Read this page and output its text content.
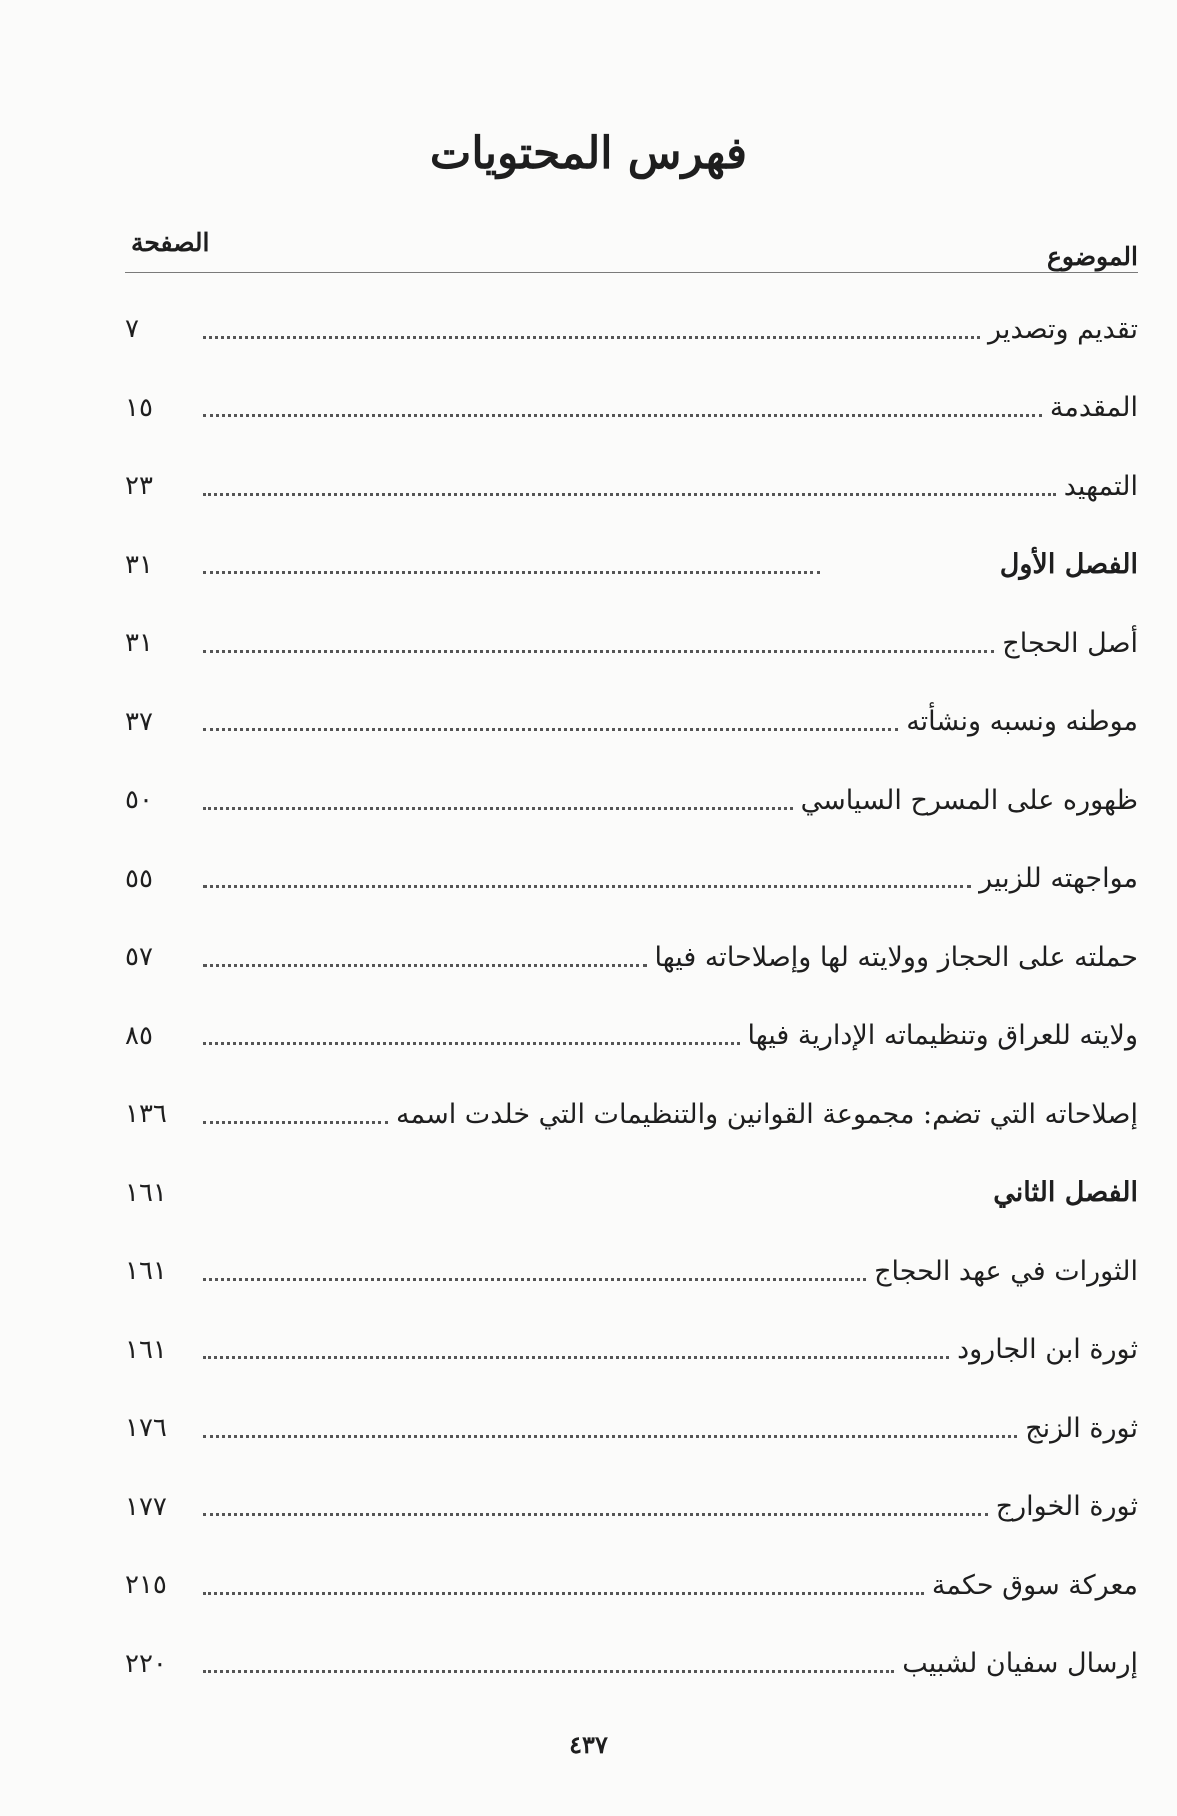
فهرس المحتويات
الموضوع
الصفحة
تقديم وتصدير
٧
المقدمة
١٥
التمهيد
٢٣
الفصل الأول
٣١
أصل الحجاج
٣١
موطنه ونسبه ونشأته
٣٧
ظهوره على المسرح السياسي
٥٠
مواجهته للزبير
٥٥
حملته على الحجاز وولايته لها وإصلاحاته فيها
٥٧
ولايته للعراق وتنظيماته الإدارية فيها
٨٥
إصلاحاته التي تضم: مجموعة القوانين والتنظيمات التي خلدت اسمه
١٣٦
الفصل الثاني
١٦١
الثورات في عهد الحجاج
١٦١
ثورة ابن الجارود
١٦١
ثورة الزنج
١٧٦
ثورة الخوارج
١٧٧
معركة سوق حكمة
٢١٥
إرسال سفيان لشبيب
٢٢٠
٤٣٧
